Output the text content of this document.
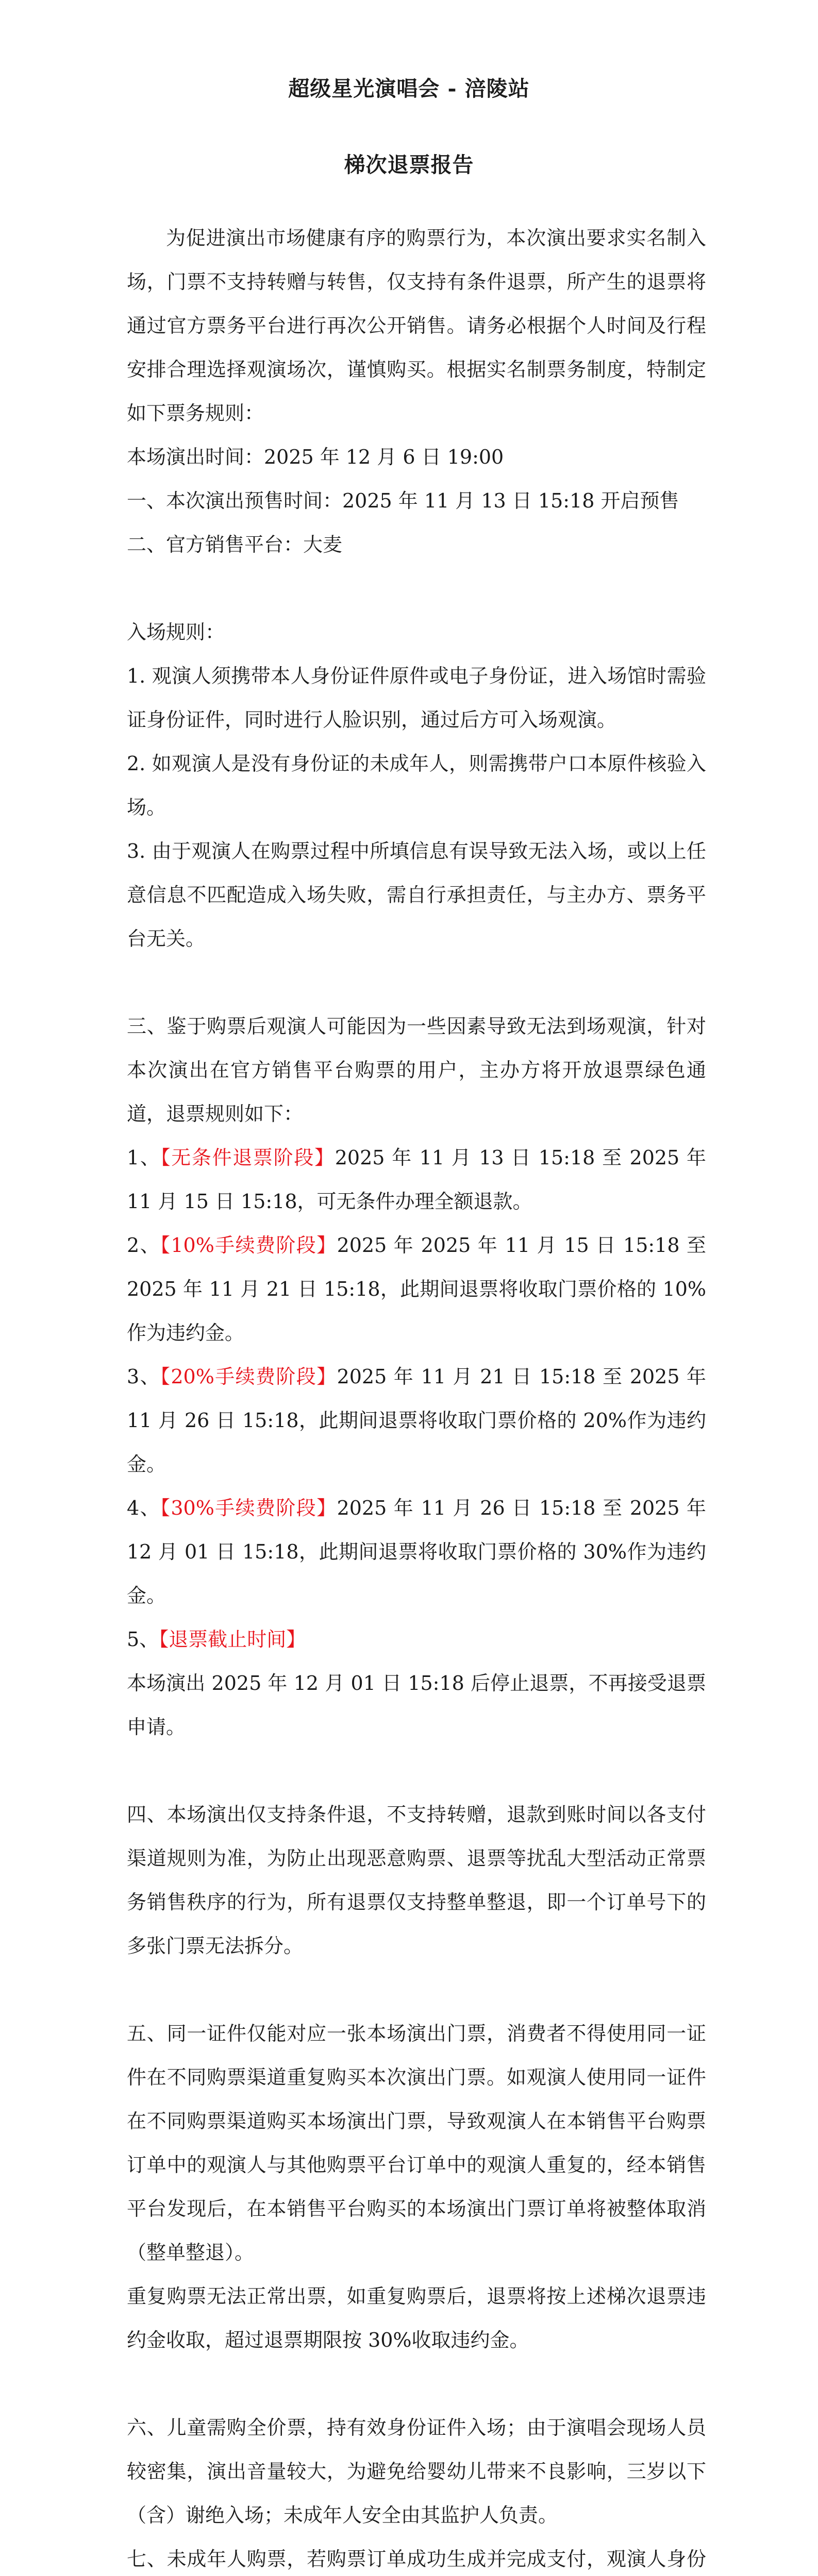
超级星光演唱会 - 涪陵站
梯次退票报告

为促进演出市场健康有序的购票行为，本次演出要求实名制入场，门票不支持转赠与转售，仅支持有条件退票，所产生的退票将通过官方票务平台进行再次公开销售。请务必根据个人时间及行程安排合理选择观演场次，谨慎购买。根据实名制票务制度，特制定如下票务规则：

本场演出时间：2025 年 12 月 6 日 19:00

一、本次演出预售时间：2025 年 11 月 13 日 15:18 开启预售

二、官方销售平台：大麦

入场规则：

1. 观演人须携带本人身份证件原件或电子身份证，进入场馆时需验证身份证件，同时进行人脸识别，通过后方可入场观演。

2. 如观演人是没有身份证的未成年人，则需携带户口本原件核验入场。

3. 由于观演人在购票过程中所填信息有误导致无法入场，或以上任意信息不匹配造成入场失败，需自行承担责任，与主办方、票务平台无关。

三、鉴于购票后观演人可能因为一些因素导致无法到场观演，针对本次演出在官方销售平台购票的用户，主办方将开放退票绿色通道，退票规则如下：

1、【无条件退票阶段】2025 年 11 月 13 日 15:18 至 2025 年 11 月 15 日 15:18，可无条件办理全额退款。

2、【10%手续费阶段】2025 年 2025 年 11 月 15 日 15:18 至 2025 年 11 月 21 日 15:18，此期间退票将收取门票价格的 10%作为违约金。

3、【20%手续费阶段】2025 年 11 月 21 日 15:18 至 2025 年 11 月 26 日 15:18，此期间退票将收取门票价格的 20%作为违约金。

4、【30%手续费阶段】2025 年 11 月 26 日 15:18 至 2025 年 12 月 01 日 15:18，此期间退票将收取门票价格的 30%作为违约金。

5、【退票截止时间】

本场演出 2025 年 12 月 01 日 15:18 后停止退票，不再接受退票申请。

四、本场演出仅支持条件退，不支持转赠，退款到账时间以各支付渠道规则为准，为防止出现恶意购票、退票等扰乱大型活动正常票务销售秩序的行为，所有退票仅支持整单整退，即一个订单号下的多张门票无法拆分。

五、同一证件仅能对应一张本场演出门票，消费者不得使用同一证件在不同购票渠道重复购买本次演出门票。如观演人使用同一证件在不同购票渠道购买本场演出门票，导致观演人在本销售平台购票订单中的观演人与其他购票平台订单中的观演人重复的，经本销售平台发现后，在本销售平台购买的本场演出门票订单将被整体取消（整单整退）。

重复购票无法正常出票，如重复购票后，退票将按上述梯次退票违约金收取，超过退票期限按 30%收取违约金。

六、儿童需购全价票，持有效身份证件入场；由于演唱会现场人员较密集，演出音量较大，为避免给婴幼儿带来不良影响，三岁以下（含）谢绝入场；未成年人安全由其监护人负责。

七、未成年人购票，若购票订单成功生成并完成支付，观演人身份
